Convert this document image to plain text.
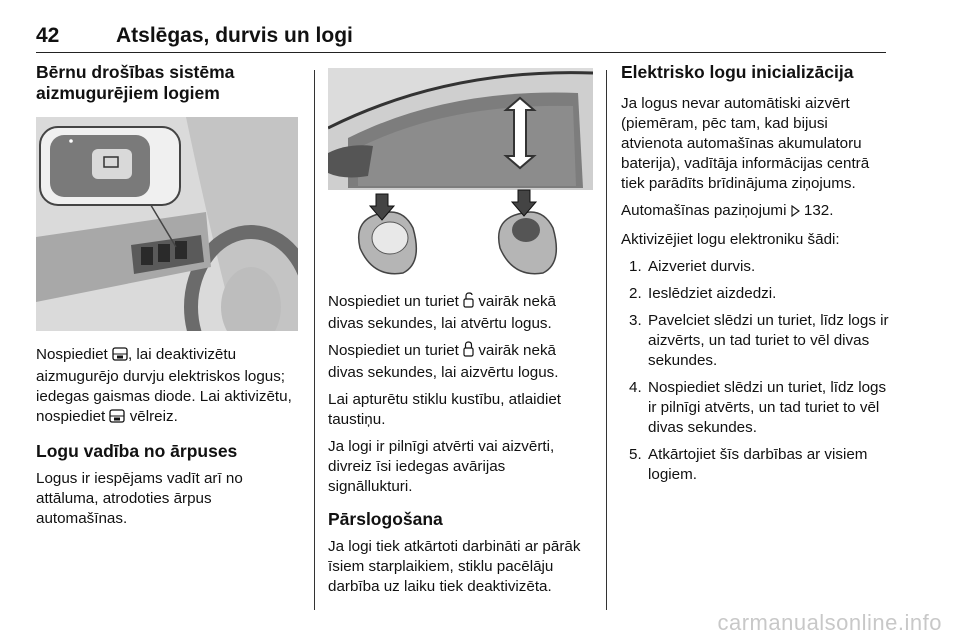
42	Atslēgas, durvis un logi
Bērnu drošības sistēma aizmugurējiem logiem

Nospiediet , lai deaktivizētu aizmugurējo durvju elektriskos logus; iedegas gaismas diode. Lai aktivizētu, nospiediet  vēlreiz.

Logu vadība no ārpuses

Logus ir iespējams vadīt arī no attāluma, atrodoties ārpus automašīnas.

Nospiediet un turiet  vairāk nekā divas sekundes, lai atvērtu logus.

Nospiediet un turiet  vairāk nekā divas sekundes, lai aizvērtu logus.

Lai apturētu stiklu kustību, atlaidiet taustiņu.

Ja logi ir pilnīgi atvērti vai aizvērti, divreiz īsi iedegas avārijas signāllukturi.

Pārslogošana

Ja logi tiek atkārtoti darbināti ar pārāk īsiem starplaikiem, stiklu pacēlāju darbība uz laiku tiek deaktivizēta.

Elektrisko logu inicializācija

Ja logus nevar automātiski aizvērt (piemēram, pēc tam, kad bijusi atvienota automašīnas akumulatoru baterija), vadītāja informācijas centrā tiek parādīts brīdinājuma ziņojums.

Automašīnas paziņojumi  132.

Aktivizējiet logu elektroniku šādi:

1. Aizveriet durvis.
2. Ieslēdziet aizdedzi.
3. Pavelciet slēdzi un turiet, līdz logs ir aizvērts, un tad turiet to vēl divas sekundes.
4. Nospiediet slēdzi un turiet, līdz logs ir pilnīgi atvērts, un tad turiet to vēl divas sekundes.
5. Atkārtojiet šīs darbības ar visiem logiem.
carmanualsonline.info
